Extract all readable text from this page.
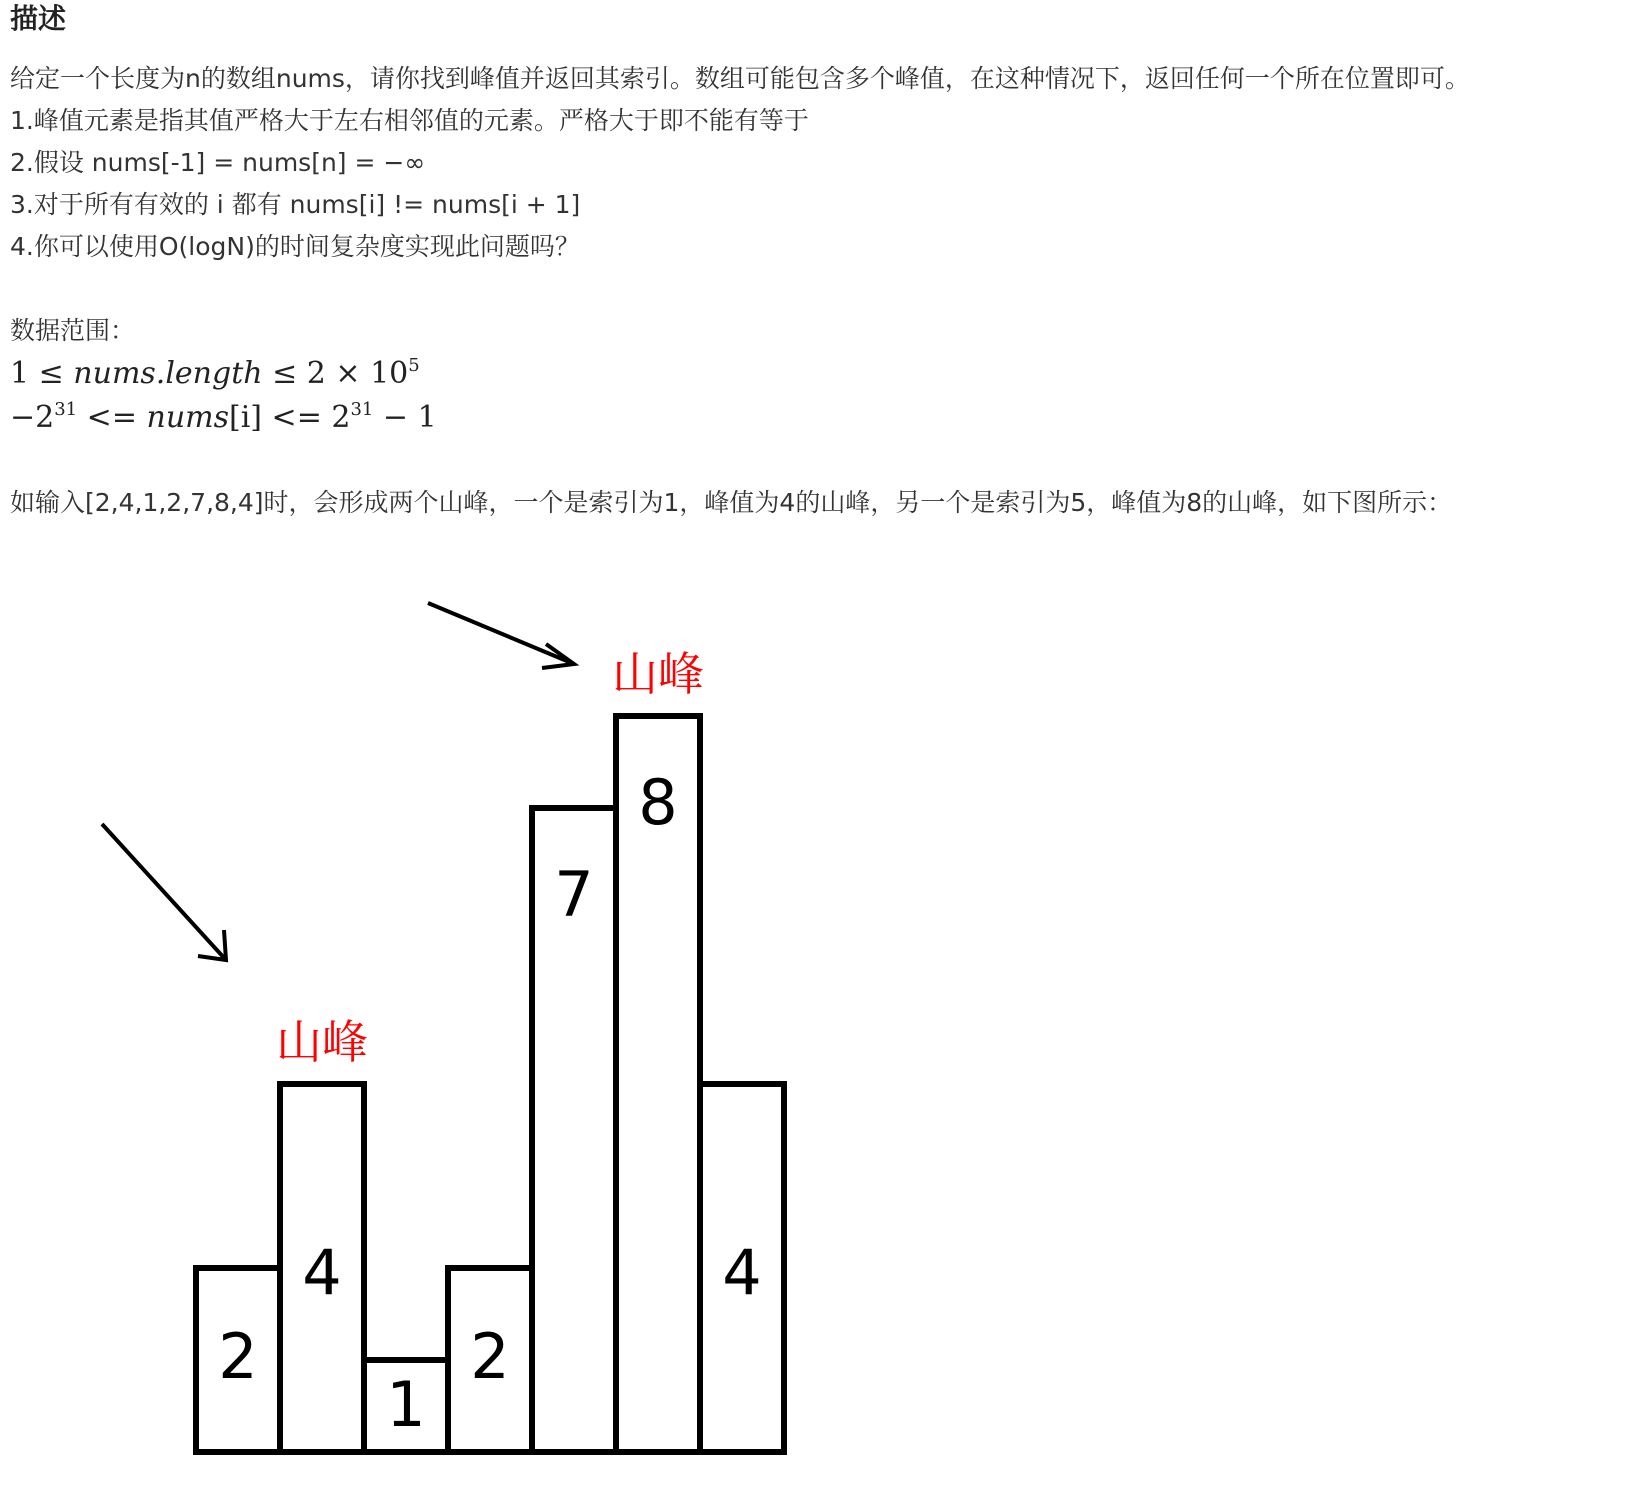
描述
给定一个长度为n的数组nums，请你找到峰值并返回其索引。数组可能包含多个峰值，在这种情况下，返回任何一个所在位置即可。
1.峰值元素是指其值严格大于左右相邻值的元素。严格大于即不能有等于
2.假设 nums[-1] = nums[n] = −∞
3.对于所有有效的 i 都有 nums[i] != nums[i + 1]
4.你可以使用O(logN)的时间复杂度实现此问题吗？
数据范围：
1 ≤ nums.length ≤ $2 \times 10^5$
$-2^{31}$ <= nums[i] <= $2^{31} - 1$
如输入[2,4,1,2,7,8,4]时，会形成两个山峰，一个是索引为1，峰值为4的山峰，另一个是索引为5，峰值为8的山峰，如下图所示：
2
4
1
2
7
8
4
山峰
山峰
